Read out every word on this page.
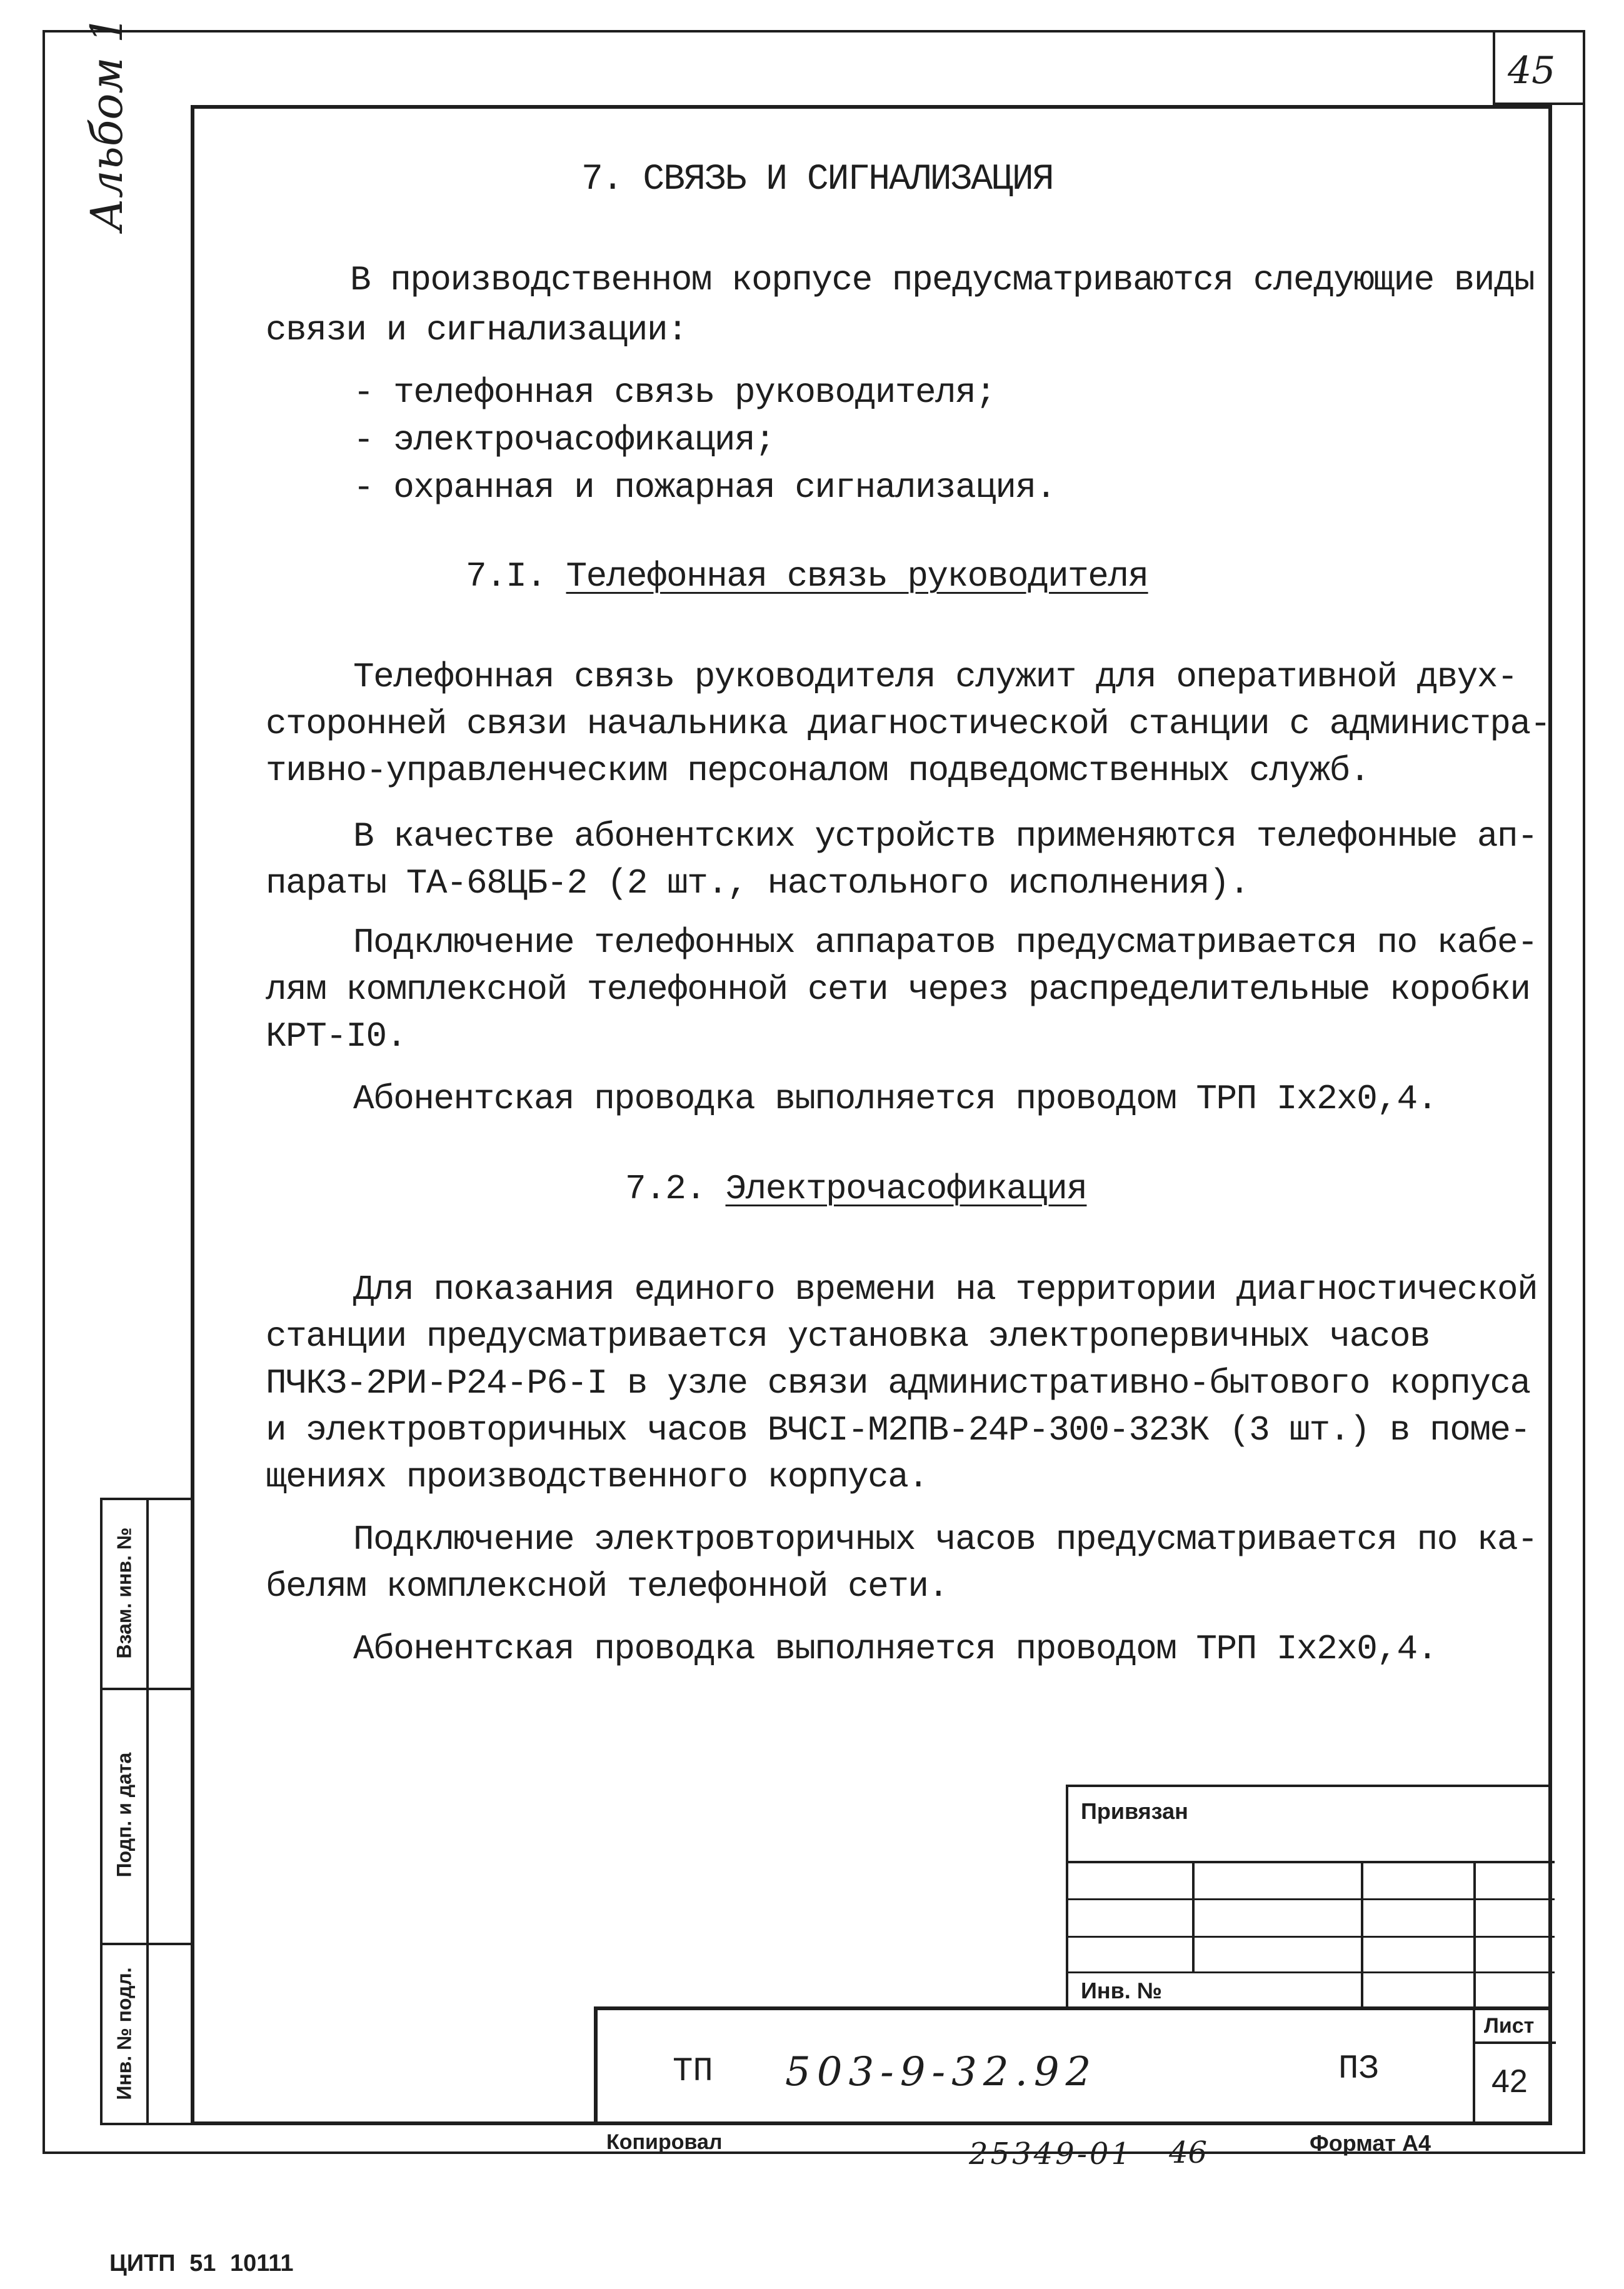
45
Альбом 1
Взам. инв. №
Подп. и дата
Инв. № подл.
7. СВЯЗЬ И СИГНАЛИЗАЦИЯ
В производственном корпусе предусматриваются следующие виды
связи и сигнализации:
- телефонная связь руководителя;
- электрочасофикация;
- охранная и пожарная сигнализация.
7.I. Телефонная связь руководителя
Телефонная связь руководителя служит для оперативной двух-
сторонней связи начальника диагностической станции с администра-
тивно-управленческим персоналом подведомственных служб.
В качестве абонентских устройств применяются телефонные ап-
параты ТА-68ЦБ-2 (2 шт., настольного исполнения).
Подключение телефонных аппаратов предусматривается по кабе-
лям комплексной телефонной сети через распределительные коробки
КРТ-I0.
Абонентская проводка выполняется проводом ТРП Iх2х0,4.
7.2. Электрочасофикация
Для показания единого времени на территории диагностической
станции предусматривается установка электропервичных часов
ПЧКЗ-2РИ-Р24-Р6-I в узле связи административно-бытового корпуса
и электровторичных часов ВЧСI-М2ПВ-24Р-300-323К (3 шт.) в поме-
щениях производственного корпуса.
Подключение электровторичных часов предусматривается по ка-
белям комплексной телефонной сети.
Абонентская проводка выполняется проводом ТРП Iх2х0,4.
Привязан
Инв. №
Лист
42
ТП 503-9-32.92	ПЗ
Копировал	25349-01 46	Формат А4
ЦИТП 51 10111
